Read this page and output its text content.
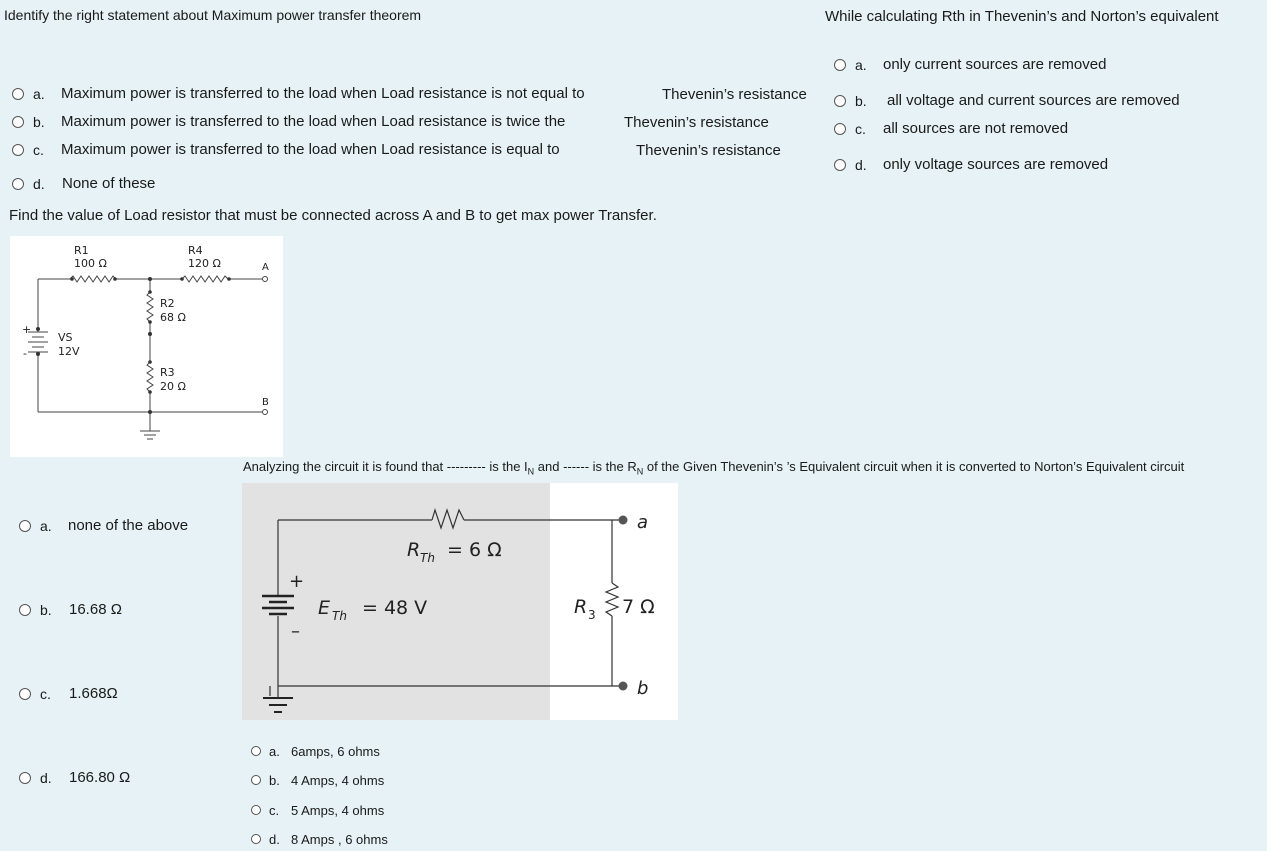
Identify the right statement about Maximum power transfer theorem
a. Maximum power is transferred to the load when Load resistance is not equal to	Thevenin’s resistance
b. Maximum power is transferred to the load when Load resistance is twice the	Thevenin’s resistance
c. Maximum power is transferred to the load when Load resistance is equal to	Thevenin’s resistance
d. None of these
While calculating Rth in Thevenin’s and Norton’s equivalent
a. only current sources are removed
b. all voltage and current sources are removed
c. all sources are not removed
d. only voltage sources are removed
Find the value of Load resistor that must be connected across A and B to get max power Transfer.
R1
100 Ω
R4
120 Ω
R2
68 Ω
R3
20 Ω
VS
12V
A
B
+
-
a. none of the above
b. 16.68 Ω
c. 1.668Ω
d. 166.80 Ω
Analyzing the circuit it is found that --------- is the $I_N$ and ------ is the $R_N$ of the Given Thevenin’s ’s Equivalent circuit when it is converted to Norton’s Equivalent circuit
R Th = 6 Ω
E Th = 48 V	R 3 7 Ω
a
b
+
–
a. 6amps, 6 ohms
b. 4 Amps, 4 ohms
c. 5 Amps, 4 ohms
d. 8 Amps , 6 ohms
